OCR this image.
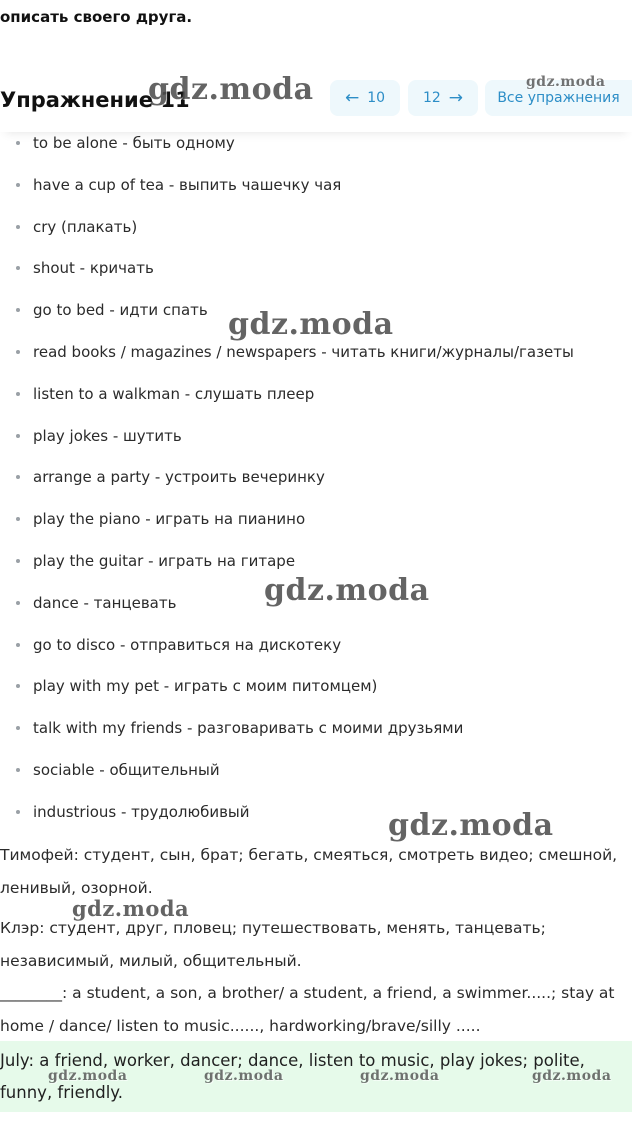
описать своего друга.
Упражнение 11	← 10	12 → Все упражнения
to be alone - быть одному
have a cup of tea - выпить чашечку чая
cry (плакать)
shout - кричать
go to bed - идти спать
read books / magazines / newspapers - читать книги/журналы/газеты
listen to a walkman - слушать плеер
play jokes - шутить
arrange a party - устроить вечеринку
play the piano - играть на пианино
play the guitar - играть на гитаре
dance - танцевать
go to disco - отправиться на дискотеку
play with my pet - играть с моим питомцем)
talk with my friends - разговаривать с моими друзьями
sociable - общительный
industrious - трудолюбивый
Тимофей: студент, сын, брат; бегать, смеяться, смотреть видео; смешной, ленивый, озорной.
Клэр: студент, друг, пловец; путешествовать, менять, танцевать; независимый, милый, общительный.
________: a student, a son, a brother/ a student, a friend, a swimmer.....; stay at home / dance/ listen to music......, hardworking/brave/silly .....
July: a friend, worker, dancer; dance, listen to music, play jokes; polite, funny, friendly.
gdz.moda	gdz.moda
gdz.moda
gdz.moda
gdz.moda
gdz.moda
gdz.moda	gdz.moda	gdz.moda	gdz.moda
